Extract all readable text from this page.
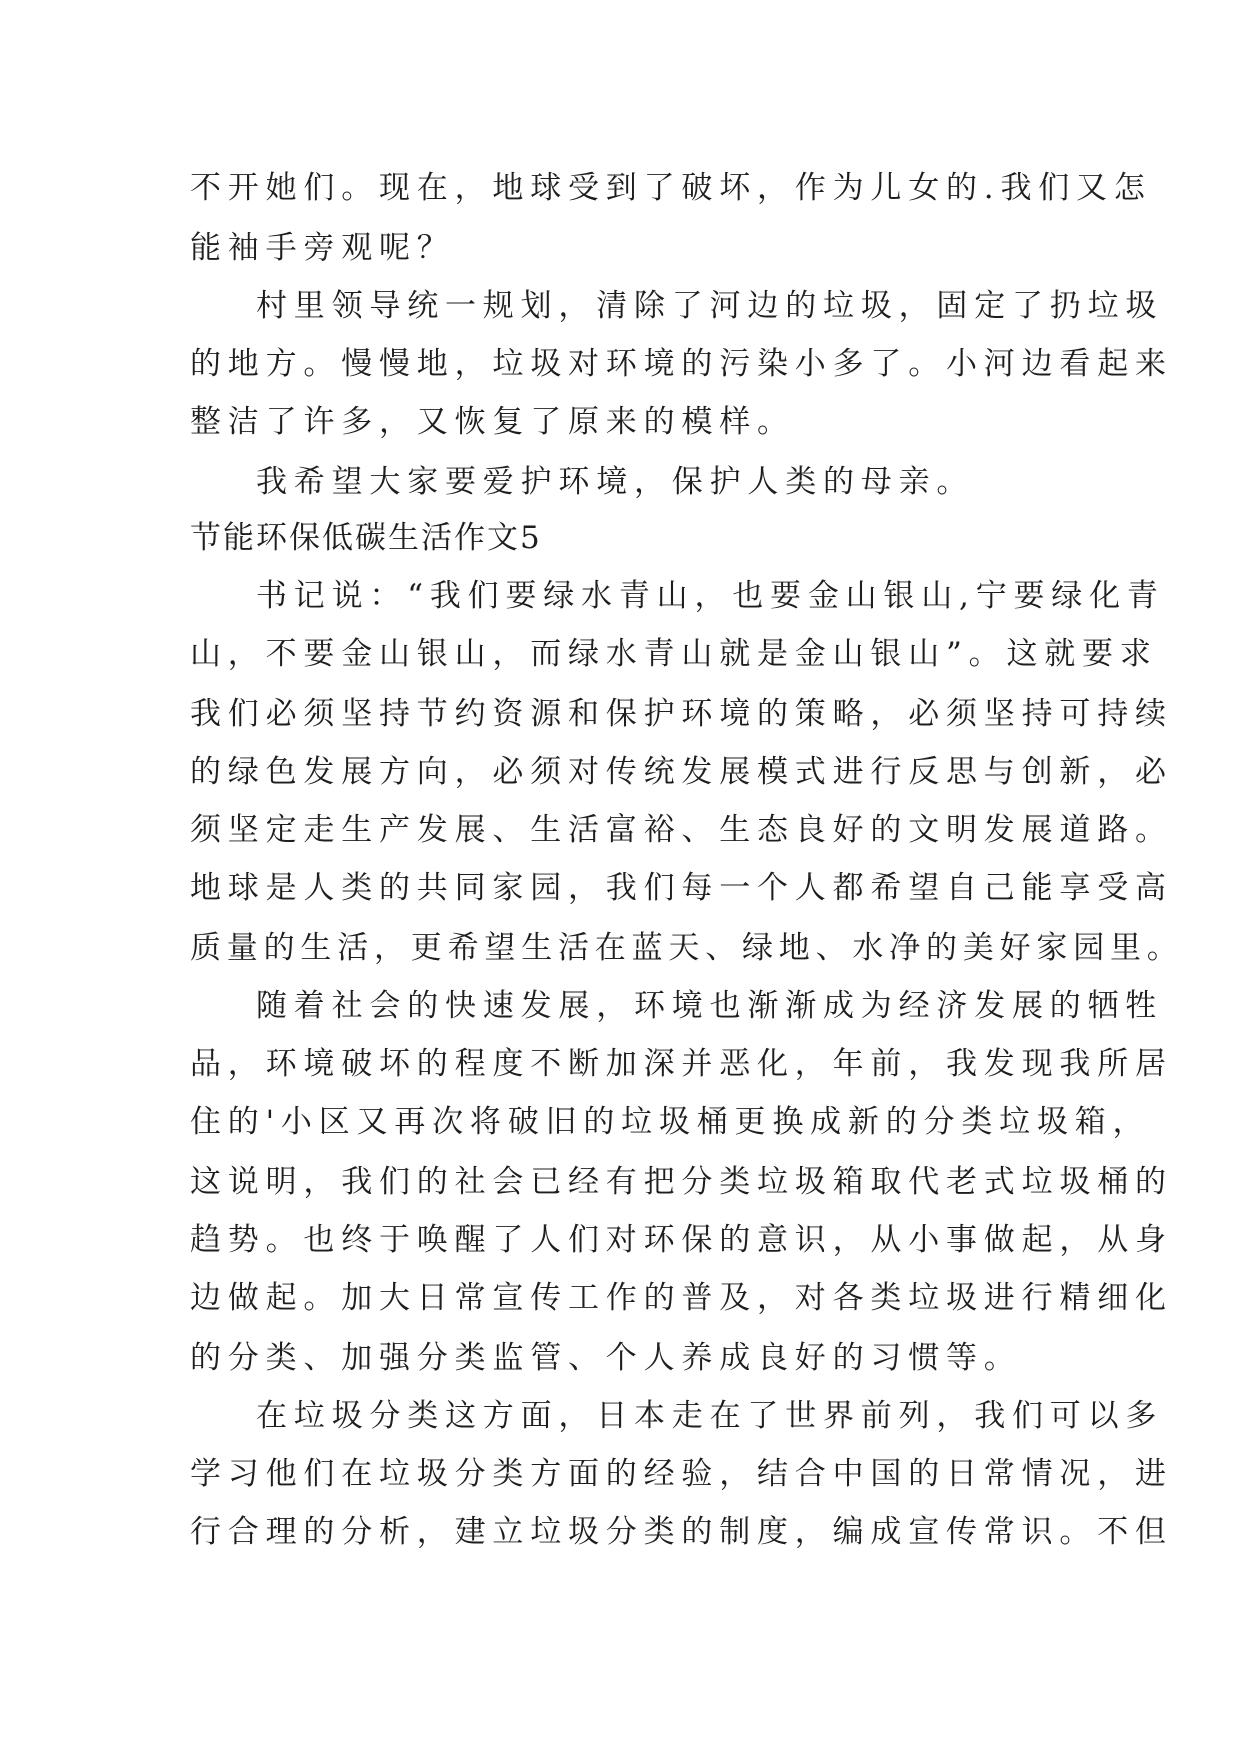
不开她们。现在，地球受到了破坏，作为儿女的.我们又怎
能袖手旁观呢？
村里领导统一规划，清除了河边的垃圾，固定了扔垃圾
的地方。慢慢地，垃圾对环境的污染小多了。小河边看起来
整洁了许多，又恢复了原来的模样。
我希望大家要爱护环境，保护人类的母亲。
节能环保低碳生活作文5
书记说：“我们要绿水青山，也要金山银山,宁要绿化青
山，不要金山银山，而绿水青山就是金山银山”。这就要求
我们必须坚持节约资源和保护环境的策略，必须坚持可持续
的绿色发展方向，必须对传统发展模式进行反思与创新，必
须坚定走生产发展、生活富裕、生态良好的文明发展道路。
地球是人类的共同家园，我们每一个人都希望自己能享受高
质量的生活，更希望生活在蓝天、绿地、水净的美好家园里。
随着社会的快速发展，环境也渐渐成为经济发展的牺牲
品，环境破坏的程度不断加深并恶化，年前，我发现我所居
住的'小区又再次将破旧的垃圾桶更换成新的分类垃圾箱，
这说明，我们的社会已经有把分类垃圾箱取代老式垃圾桶的
趋势。也终于唤醒了人们对环保的意识，从小事做起，从身
边做起。加大日常宣传工作的普及，对各类垃圾进行精细化
的分类、加强分类监管、个人养成良好的习惯等。
在垃圾分类这方面，日本走在了世界前列，我们可以多
学习他们在垃圾分类方面的经验，结合中国的日常情况，进
行合理的分析，建立垃圾分类的制度，编成宣传常识。不但
